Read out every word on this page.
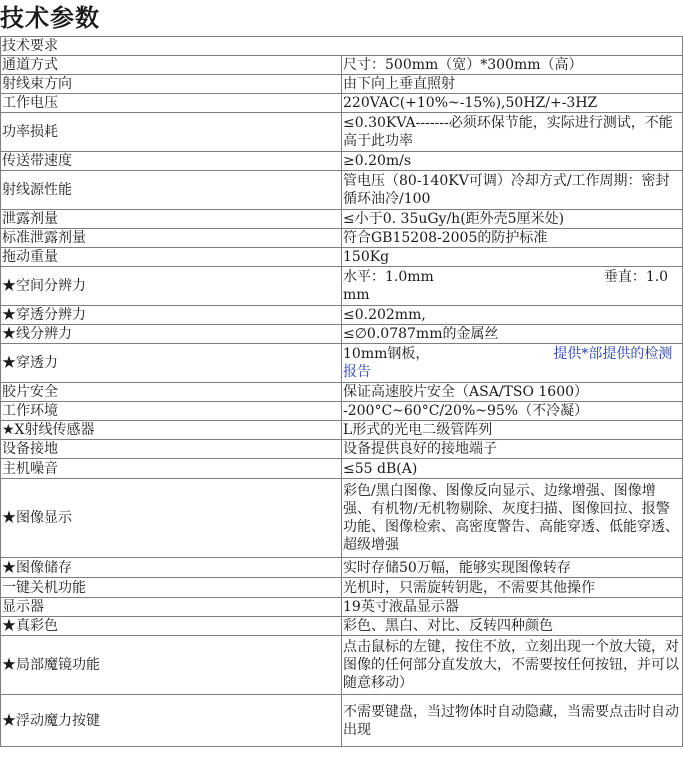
技术参数
技术要求	
通道方式	尺寸：500mm（宽）*300mm（高）
射线束方向	由下向上垂直照射
工作电压	220VAC(+10%~-15%),50HZ/+-3HZ
功率损耗	≤0.30KVA-------必须环保节能，实际进行测试，不能高于此功率
传送带速度	≥0.20m/s
射线源性能	管电压（80-140KV可调）冷却方式/工作周期：密封循环油冷/100
泄露剂量	≤小于0. 35uGy/h(距外壳5厘米处)
标准泄露剂量	符合GB15208-2005的防护标准
拖动重量	150Kg
★空间分辨力	水平：1.0mm 垂直：1.0mm
★穿透分辨力	≤0.202mm,
★线分辨力	≤∅0.0787mm的金属丝
★穿透力	10mm钢板， 提供*部提供的检测报告
胶片安全	保证高速胶片安全（ASA/TSO 1600）
工作环境	-200°C~60°C/20%~95%（不冷凝）
★X射线传感器	L形式的光电二级管阵列
设备接地	设备提供良好的接地端子
主机噪音	≤55 dB(A)
★图像显示	彩色/黑白图像、图像反向显示、边缘增强、图像增强、有机物/无机物剔除、灰度扫描、图像回拉、报警功能、图像检索、高密度警告、高能穿透、低能穿透、超级增强
★图像储存	实时存储50万幅，能够实现图像转存
一键关机功能	光机时，只需旋转钥匙，不需要其他操作
显示器	19英寸液晶显示器
★真彩色	彩色、黑白、对比、反转四种颜色
★局部魔镜功能	点击鼠标的左键，按住不放，立刻出现一个放大镜，对图像的任何部分直发放大，不需要按任何按钮，并可以随意移动）
★浮动魔力按键	不需要键盘，当过物体时自动隐藏，当需要点击时自动出现
